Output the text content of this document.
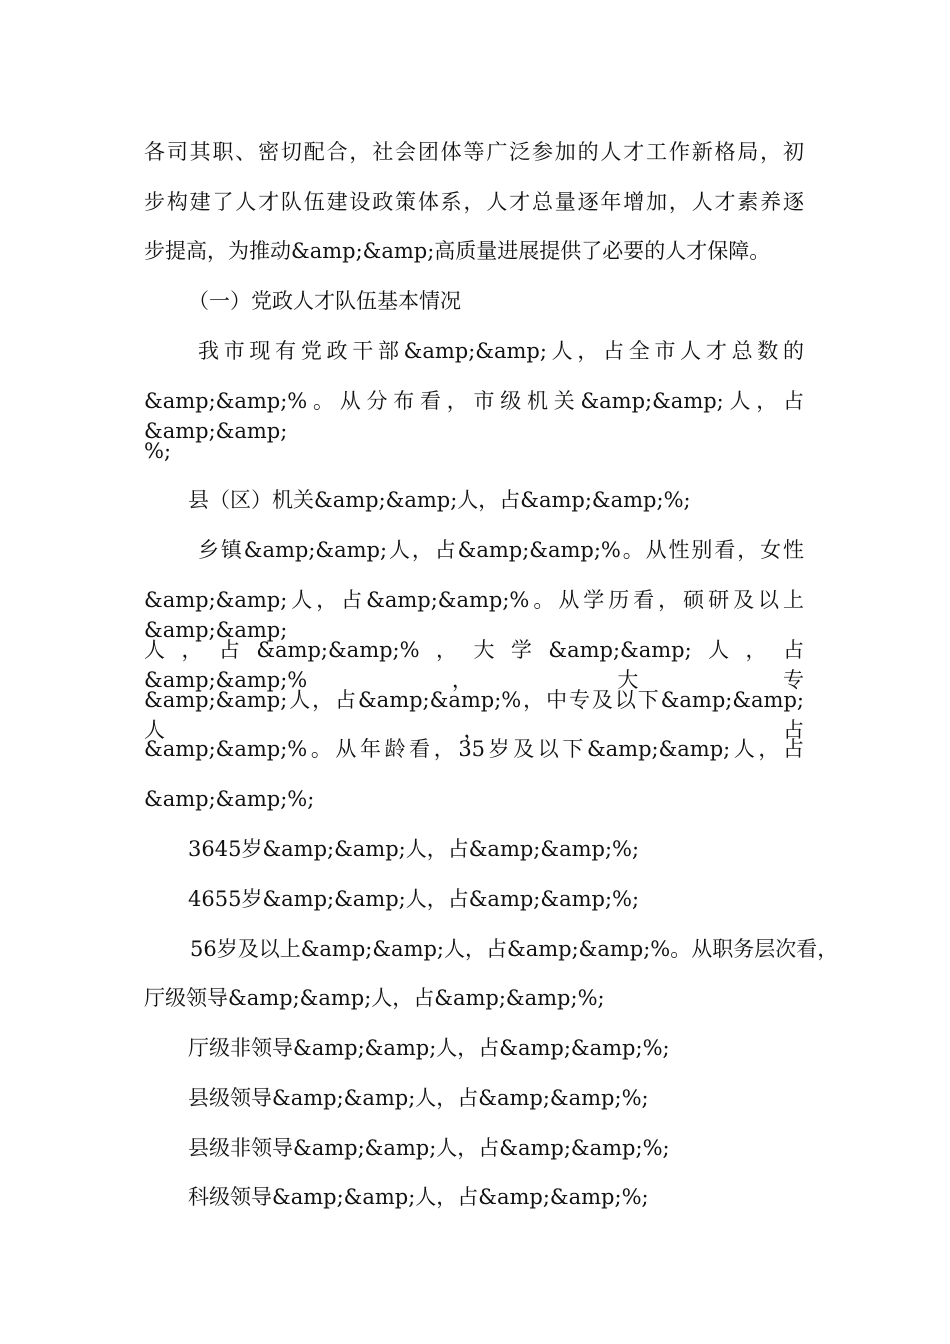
各司其职、密切配合，社会团体等广泛参加的人才工作新格局，初
步构建了人才队伍建设政策体系，人才总量逐年增加，人才素养逐
步提高，为推动&amp;&amp;高质量进展提供了必要的人才保障。
（一）党政人才队伍基本情况
我市现有党政干部&amp;&amp;人，占全市人才总数的
&amp;&amp;%。从分布看，市级机关&amp;&amp;人，占&amp;&amp;
%;
县（区）机关&amp;&amp;人，占&amp;&amp;%;
乡镇&amp;&amp;人，占&amp;&amp;%。从性别看，女性
&amp;&amp;人，占&amp;&amp;%。从学历看，硕研及以上&amp;&amp;
人，占&amp;&amp;%，大学&amp;&amp;人，占&amp;&amp;%，大专
&amp;&amp;人，占&amp;&amp;%，中专及以下&amp;&amp;人，占
&amp;&amp;%。从年龄看，35岁及以下&amp;&amp;人，占
&amp;&amp;%;
3645岁&amp;&amp;人，占&amp;&amp;%;
4655岁&amp;&amp;人，占&amp;&amp;%;
56岁及以上&amp;&amp;人，占&amp;&amp;%。从职务层次看，
厅级领导&amp;&amp;人，占&amp;&amp;%;
厅级非领导&amp;&amp;人，占&amp;&amp;%;
县级领导&amp;&amp;人，占&amp;&amp;%;
县级非领导&amp;&amp;人，占&amp;&amp;%;
科级领导&amp;&amp;人，占&amp;&amp;%;
